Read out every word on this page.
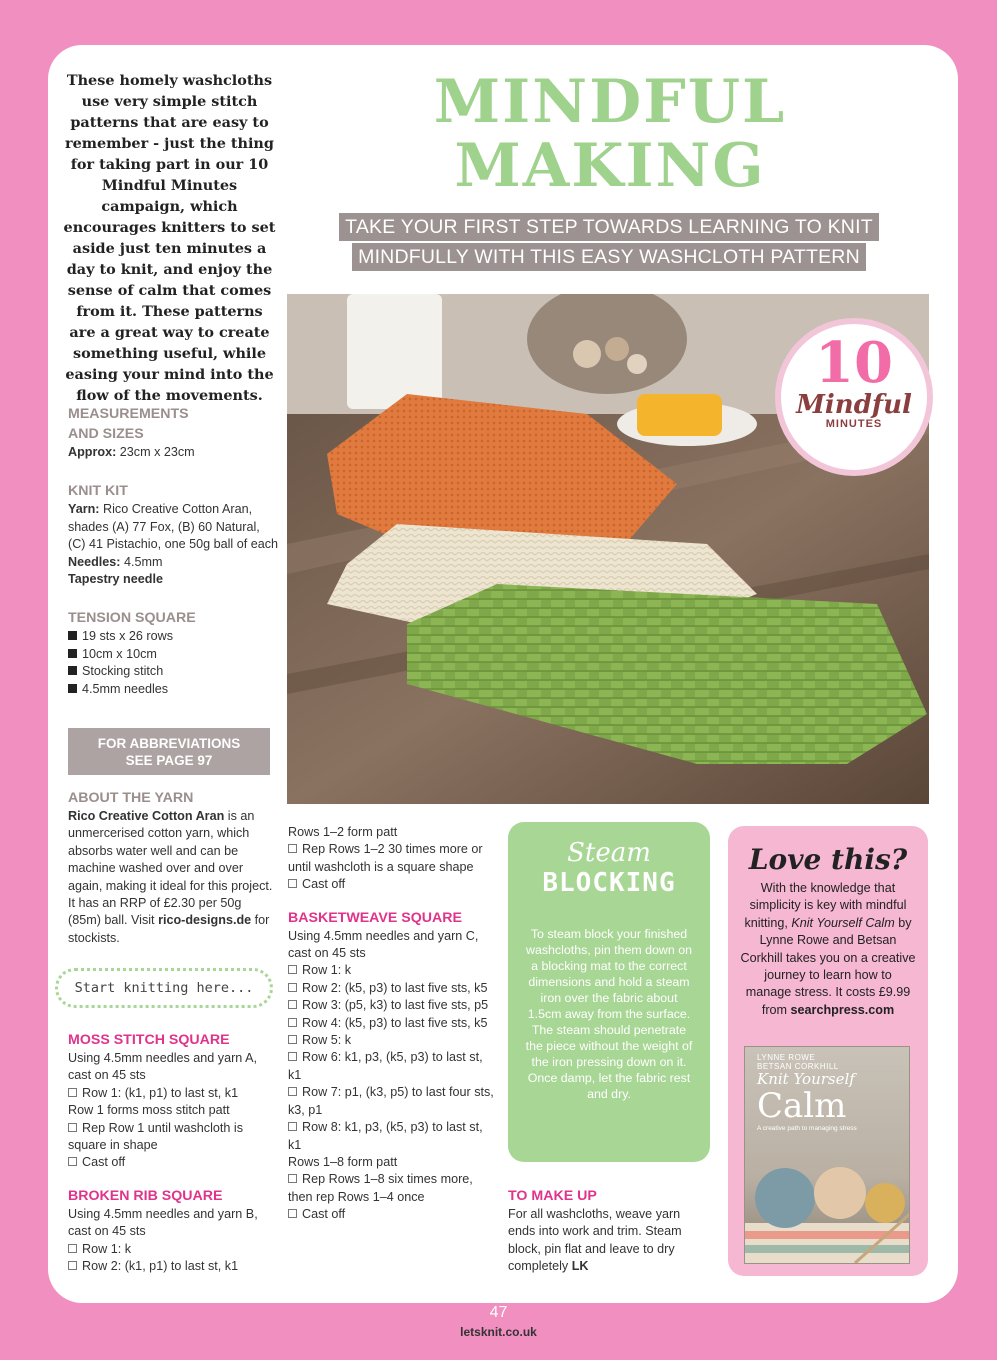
These homely washcloths use very simple stitch patterns that are easy to remember - just the thing for taking part in our 10 Mindful Minutes campaign, which encourages knitters to set aside just ten minutes a day to knit, and enjoy the sense of calm that comes from it. These patterns are a great way to create something useful, while easing your mind into the flow of the movements.
MEASUREMENTS
AND SIZES
Approx: 23cm x 23cm
KNIT KIT
Yarn: Rico Creative Cotton Aran, shades (A) 77 Fox, (B) 60 Natural, (C) 41 Pistachio, one 50g ball of each
Needles: 4.5mm
Tapestry needle
TENSION SQUARE
19 sts x 26 rows
10cm x 10cm
Stocking stitch
4.5mm needles
FOR ABBREVIATIONS
SEE PAGE 97
ABOUT THE YARN
Rico Creative Cotton Aran is an unmercerised cotton yarn, which absorbs water well and can be machine washed over and over again, making it ideal for this project. It has an RRP of £2.30 per 50g (85m) ball. Visit rico-designs.de for stockists.
Start knitting here...
MOSS STITCH SQUARE
Using 4.5mm needles and yarn A, cast on 45 sts
Row 1: (k1, p1) to last st, k1
Row 1 forms moss stitch patt
Rep Row 1 until washcloth is square in shape
Cast off
BROKEN RIB SQUARE
Using 4.5mm needles and yarn B, cast on 45 sts
Row 1: k
Row 2: (k1, p1) to last st, k1
Rows 1–2 form patt
Rep Rows 1–2 30 times more or until washcloth is a square shape
Cast off
BASKETWEAVE SQUARE
Using 4.5mm needles and yarn C, cast on 45 sts
Row 1: k
Row 2: (k5, p3) to last five sts, k5
Row 3: (p5, k3) to last five sts, p5
Row 4: (k5, p3) to last five sts, k5
Row 5: k
Row 6: k1, p3, (k5, p3) to last st, k1
Row 7: p1, (k3, p5) to last four sts, k3, p1
Row 8: k1, p3, (k5, p3) to last st, k1
Rows 1–8 form patt
Rep Rows 1–8 six times more, then rep Rows 1–4 once
Cast off
MINDFUL
MAKING
TAKE YOUR FIRST STEP TOWARDS LEARNING TO KNIT
MINDFULLY WITH THIS EASY WASHCLOTH PATTERN
10
Mindful
MINUTES
Steam
BLOCKING
To steam block your finished washcloths, pin them down on a blocking mat to the correct dimensions and hold a steam iron over the fabric about 1.5cm away from the surface. The steam should penetrate the piece without the weight of the iron pressing down on it. Once damp, let the fabric rest and dry.
TO MAKE UP
For all washcloths, weave yarn ends into work and trim. Steam block, pin flat and leave to dry completely LK
Love this?
With the knowledge that simplicity is key with mindful knitting, Knit Yourself Calm by Lynne Rowe and Betsan Corkhill takes you on a creative journey to learn how to manage stress. It costs £9.99 from searchpress.com
LYNNE ROWE
BETSAN CORKHILL
Knit Yourself
Calm
A creative path to managing stress
47
letsknit.co.uk
